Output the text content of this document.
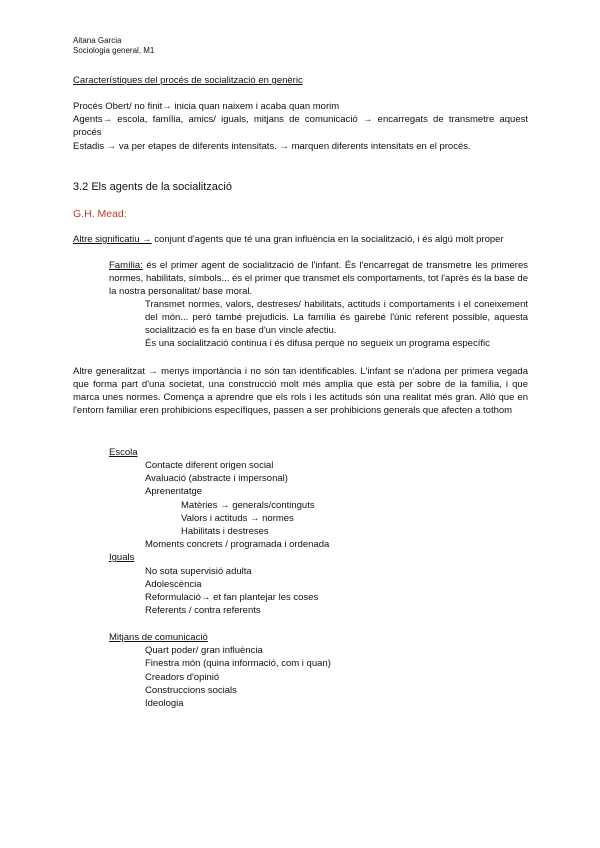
Aitana Garcia
Sociologia general, M1
Característiques del procés de socialització en genèric
Procés Obert/ no finit→ inicia quan naixem i acaba quan morim
Agents→ escola, família, amics/ iguals, mitjans de comunicació → encarregats de transmetre aquest procés
Estadis → va per etapes de diferents intensitats. → marquen diferents intensitats en el procés.
3.2 Els agents de la socialització
G.H. Mead:
Altre significatiu → conjunt d'agents que té una gran influència en la socialització, i és algú molt proper
Família: és el primer agent de socialització de l'infant. És l'encarregat de transmetre les primeres normes, habilitats, símbols... és el primer que transmet els comportaments, tot l'après és la base de la nostra personalitat/ base moral.
Transmet normes, valors, destreses/ habilitats, actituds i comportaments i el coneixement del món... però també prejudicis. La família és gairebé l'únic referent possible, aquesta socialització es fa en base d'un vincle afectiu.
És una socialització continua i és difusa perquè no segueix un programa específic
Altre generalitzat → menys importància i no són tan identificables. L'infant se n'adona per primera vegada que forma part d'una societat, una construcció molt més amplia que està per sobre de la família, i que marca unes normes. Comença a aprendre que els rols i les actituds són una realitat més gran. Allò que en l'entorn familiar eren prohibicions específiques, passen a ser prohibicions generals que afecten a tothom
Escola
Contacte diferent origen social
Avaluació (abstracte i impersonal)
Aprenentatge
Matèries → generals/continguts
Valors i actituds → normes
Habilitats i destreses
Moments concrets / programada i ordenada
Iguals
No sota supervisió adulta
Adolescència
Reformulació→ et fan plantejar les coses
Referents / contra referents
Mitjans de comunicació
Quart poder/ gran influència
Finestra món (quina informació, com i quan)
Creadors d'opinió
Construccions socials
Ideologia
